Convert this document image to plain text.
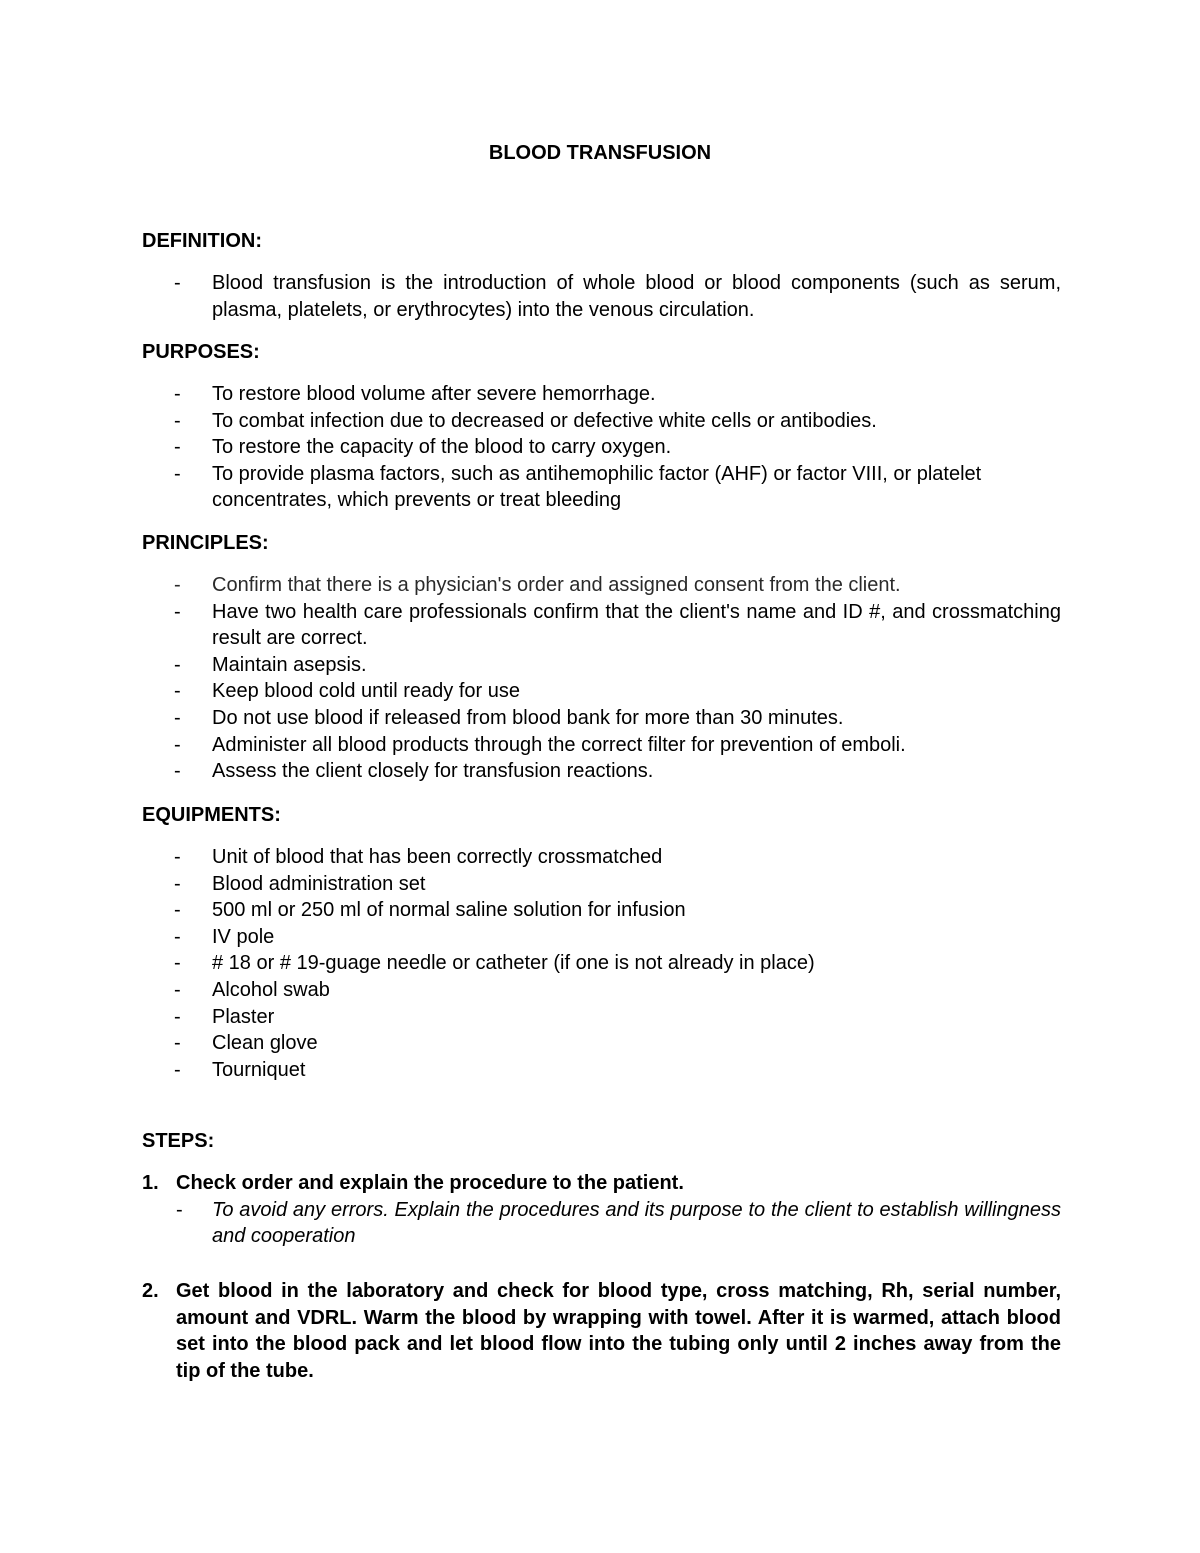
BLOOD TRANSFUSION
DEFINITION:
- Blood transfusion is the introduction of whole blood or blood components (such as serum, plasma, platelets, or erythrocytes) into the venous circulation.
PURPOSES:
- To restore blood volume after severe hemorrhage.
- To combat infection due to decreased or defective white cells or antibodies.
- To restore the capacity of the blood to carry oxygen.
- To provide plasma factors, such as antihemophilic factor (AHF) or factor VIII, or platelet concentrates, which prevents or treat bleeding
PRINCIPLES:
- Confirm that there is a physician's order and assigned consent from the client.
- Have two health care professionals confirm that the client's name and ID #, and crossmatching result are correct.
- Maintain asepsis.
- Keep blood cold until ready for use
- Do not use blood if released from blood bank for more than 30 minutes.
- Administer all blood products through the correct filter for prevention of emboli.
- Assess the client closely for transfusion reactions.
EQUIPMENTS:
- Unit of blood that has been correctly crossmatched
- Blood administration set
- 500 ml or 250 ml of normal saline solution for infusion
- IV pole
- # 18 or # 19-guage needle or catheter (if one is not already in place)
- Alcohol swab
- Plaster
- Clean glove
- Tourniquet
STEPS:
1. Check order and explain the procedure to the patient.
- To avoid any errors. Explain the procedures and its purpose to the client to establish willingness and cooperation
2. Get blood in the laboratory and check for blood type, cross matching, Rh, serial number, amount and VDRL. Warm the blood by wrapping with towel. After it is warmed, attach blood set into the blood pack and let blood flow into the tubing only until 2 inches away from the tip of the tube.
